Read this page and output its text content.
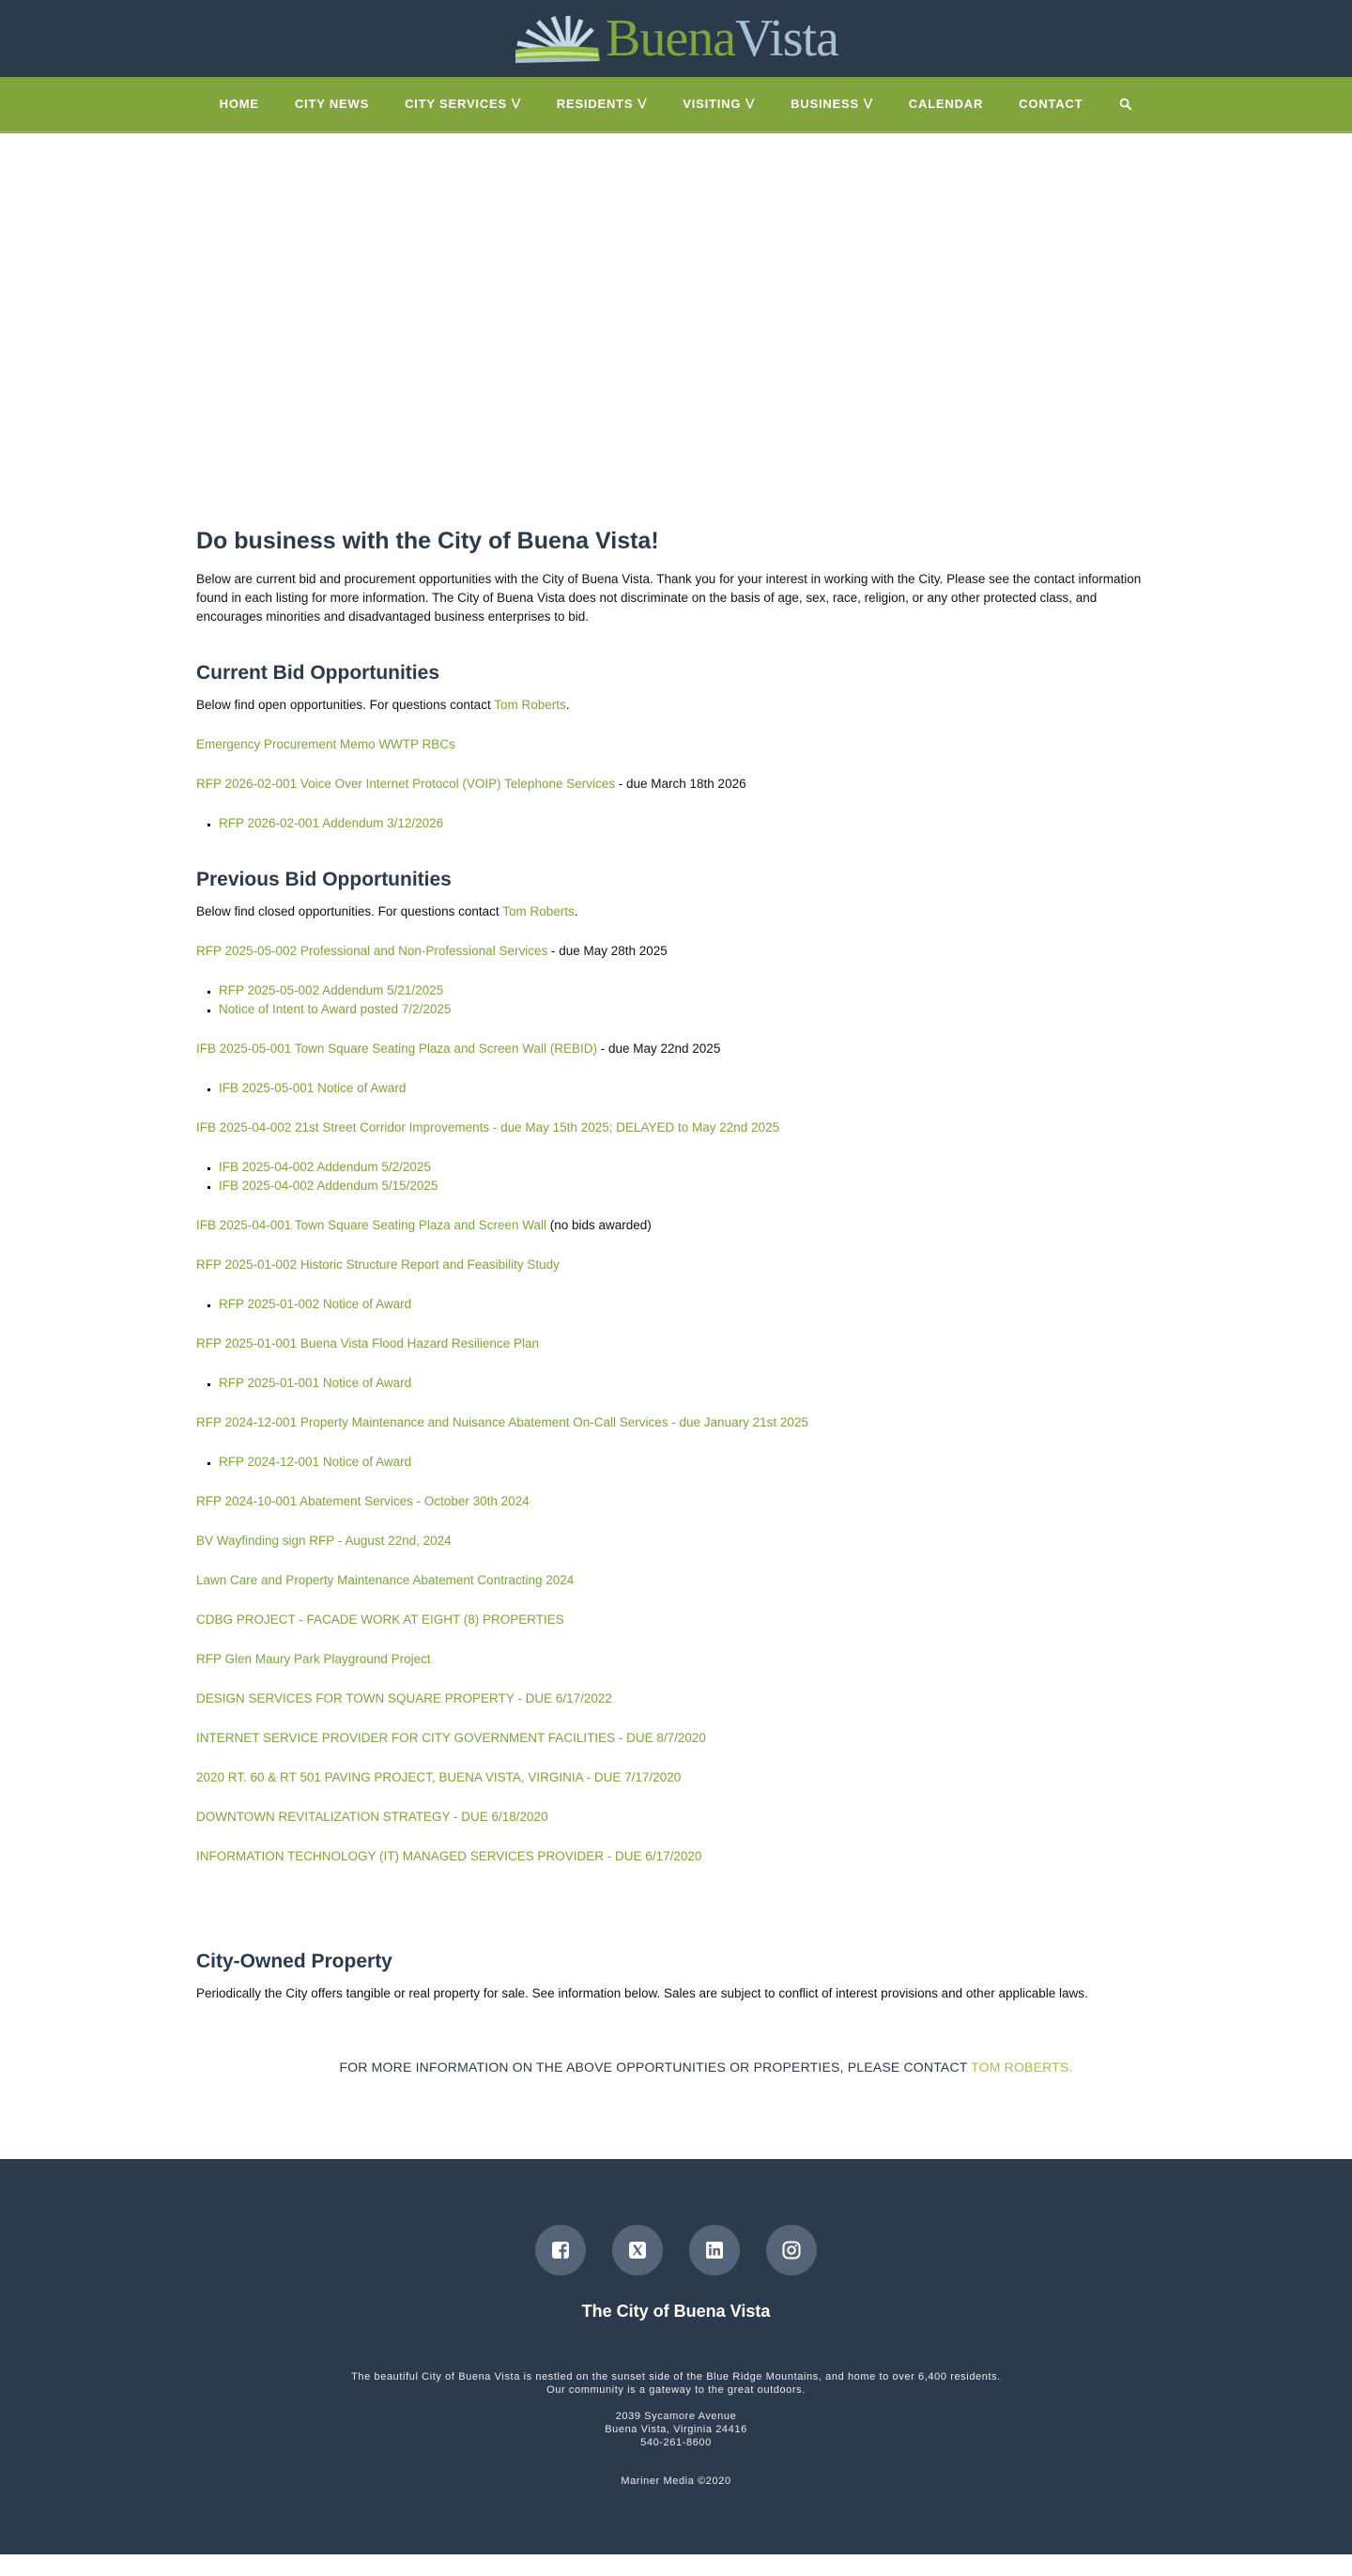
BuenaVista
HOME	CITY NEWS	CITY SERVICES ⋁	RESIDENTS ⋁	VISITING ⋁	BUSINESS ⋁	CALENDAR	CONTACT
Do business with the City of Buena Vista!

Below are current bid and procurement opportunities with the City of Buena Vista. Thank you for your interest in working with the City. Please see the contact information found in each listing for more information. The City of Buena Vista does not discriminate on the basis of age, sex, race, religion, or any other protected class, and encourages minorities and disadvantaged business enterprises to bid.

Current Bid Opportunities

Below find open opportunities. For questions contact Tom Roberts.

Emergency Procurement Memo WWTP RBCs
RFP 2026-02-001 Voice Over Internet Protocol (VOIP) Telephone Services - due March 18th 2026
▪ RFP 2026-02-001 Addendum 3/12/2026
Previous Bid Opportunities

Below find closed opportunities. For questions contact Tom Roberts.

RFP 2025-05-002 Professional and Non-Professional Services - due May 28th 2025
▪ RFP 2025-05-002 Addendum 5/21/2025
▪ Notice of Intent to Award posted 7/2/2025
IFB 2025-05-001 Town Square Seating Plaza and Screen Wall (REBID) - due May 22nd 2025
▪ IFB 2025-05-001 Notice of Award
IFB 2025-04-002 21st Street Corridor Improvements - due May 15th 2025; DELAYED to May 22nd 2025
▪ IFB 2025-04-002 Addendum 5/2/2025
▪ IFB 2025-04-002 Addendum 5/15/2025
IFB 2025-04-001 Town Square Seating Plaza and Screen Wall (no bids awarded)
RFP 2025-01-002 Historic Structure Report and Feasibility Study
▪ RFP 2025-01-002 Notice of Award
RFP 2025-01-001 Buena Vista Flood Hazard Resilience Plan
▪ RFP 2025-01-001 Notice of Award
RFP 2024-12-001 Property Maintenance and Nuisance Abatement On-Call Services - due January 21st 2025
▪ RFP 2024-12-001 Notice of Award
RFP 2024-10-001 Abatement Services - October 30th 2024
BV Wayfinding sign RFP - August 22nd, 2024
Lawn Care and Property Maintenance Abatement Contracting 2024
CDBG PROJECT - FACADE WORK AT EIGHT (8) PROPERTIES
RFP Glen Maury Park Playground Project
DESIGN SERVICES FOR TOWN SQUARE PROPERTY - DUE 6/17/2022
INTERNET SERVICE PROVIDER FOR CITY GOVERNMENT FACILITIES - DUE 8/7/2020
2020 RT. 60 & RT 501 PAVING PROJECT, BUENA VISTA, VIRGINIA - DUE 7/17/2020
DOWNTOWN REVITALIZATION STRATEGY - DUE 6/18/2020
INFORMATION TECHNOLOGY (IT) MANAGED SERVICES PROVIDER - DUE 6/17/2020
City-Owned Property

Periodically the City offers tangible or real property for sale. See information below. Sales are subject to conflict of interest provisions and other applicable laws.

FOR MORE INFORMATION ON THE ABOVE OPPORTUNITIES OR PROPERTIES, PLEASE CONTACT TOM ROBERTS.

The City of Buena Vista
The beautiful City of Buena Vista is nestled on the sunset side of the Blue Ridge Mountains, and home to over 6,400 residents.
Our community is a gateway to the great outdoors.
2039 Sycamore Avenue
Buena Vista, Virginia 24416
540-261-8600
Mariner Media ©2020
